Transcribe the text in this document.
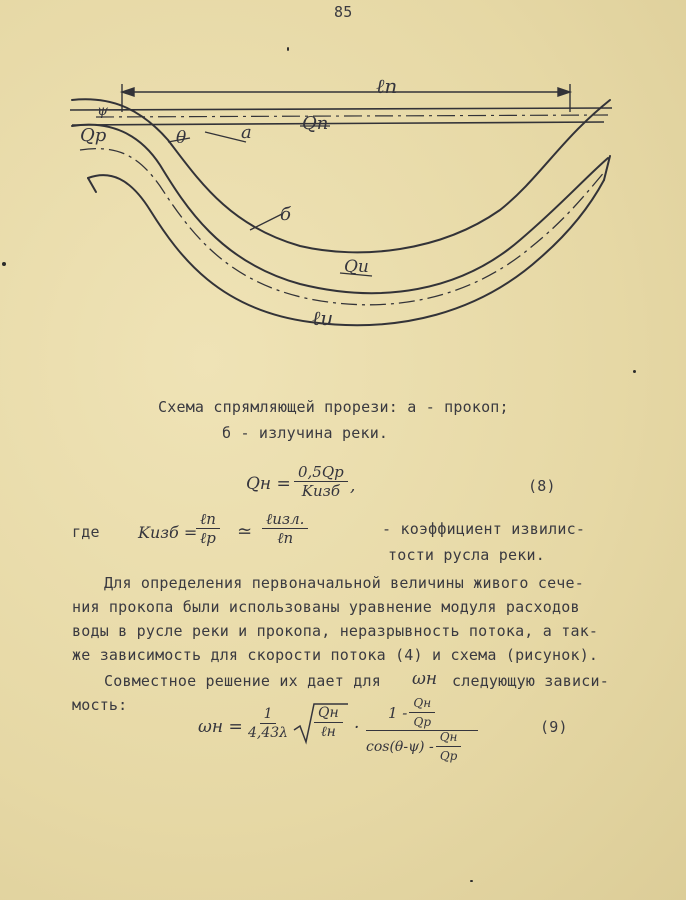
85
ℓп
ψ
Qр	θ	а	Qп
б
Qи
ℓи
Схема спрямляющей прорези: а - прокоп;
б - излучина реки.
Qн =
0,5Qр
Kизб ,	(8)
где Kизб =
ℓп
ℓр ≃
ℓизл.
ℓп	- коэффициент извилис-
тости русла реки.
Для определения первоначальной величины живого сече-
ния прокопа были использованы уравнение модуля расходов
воды в русле реки и прокопа, неразрывность потока, а так-
же зависимость для скорости потока (4) и схема (рисунок).
Совместное решение их дает для ωн следующую зависи-
мость:
$\omega н = \frac{1}{4,43\lambda}$ Qн
ℓн ·
$1 - \frac{Qн}{Qр}$
$\cos(\theta-\psi) - \frac{Qн}{Qр}$
(9)
